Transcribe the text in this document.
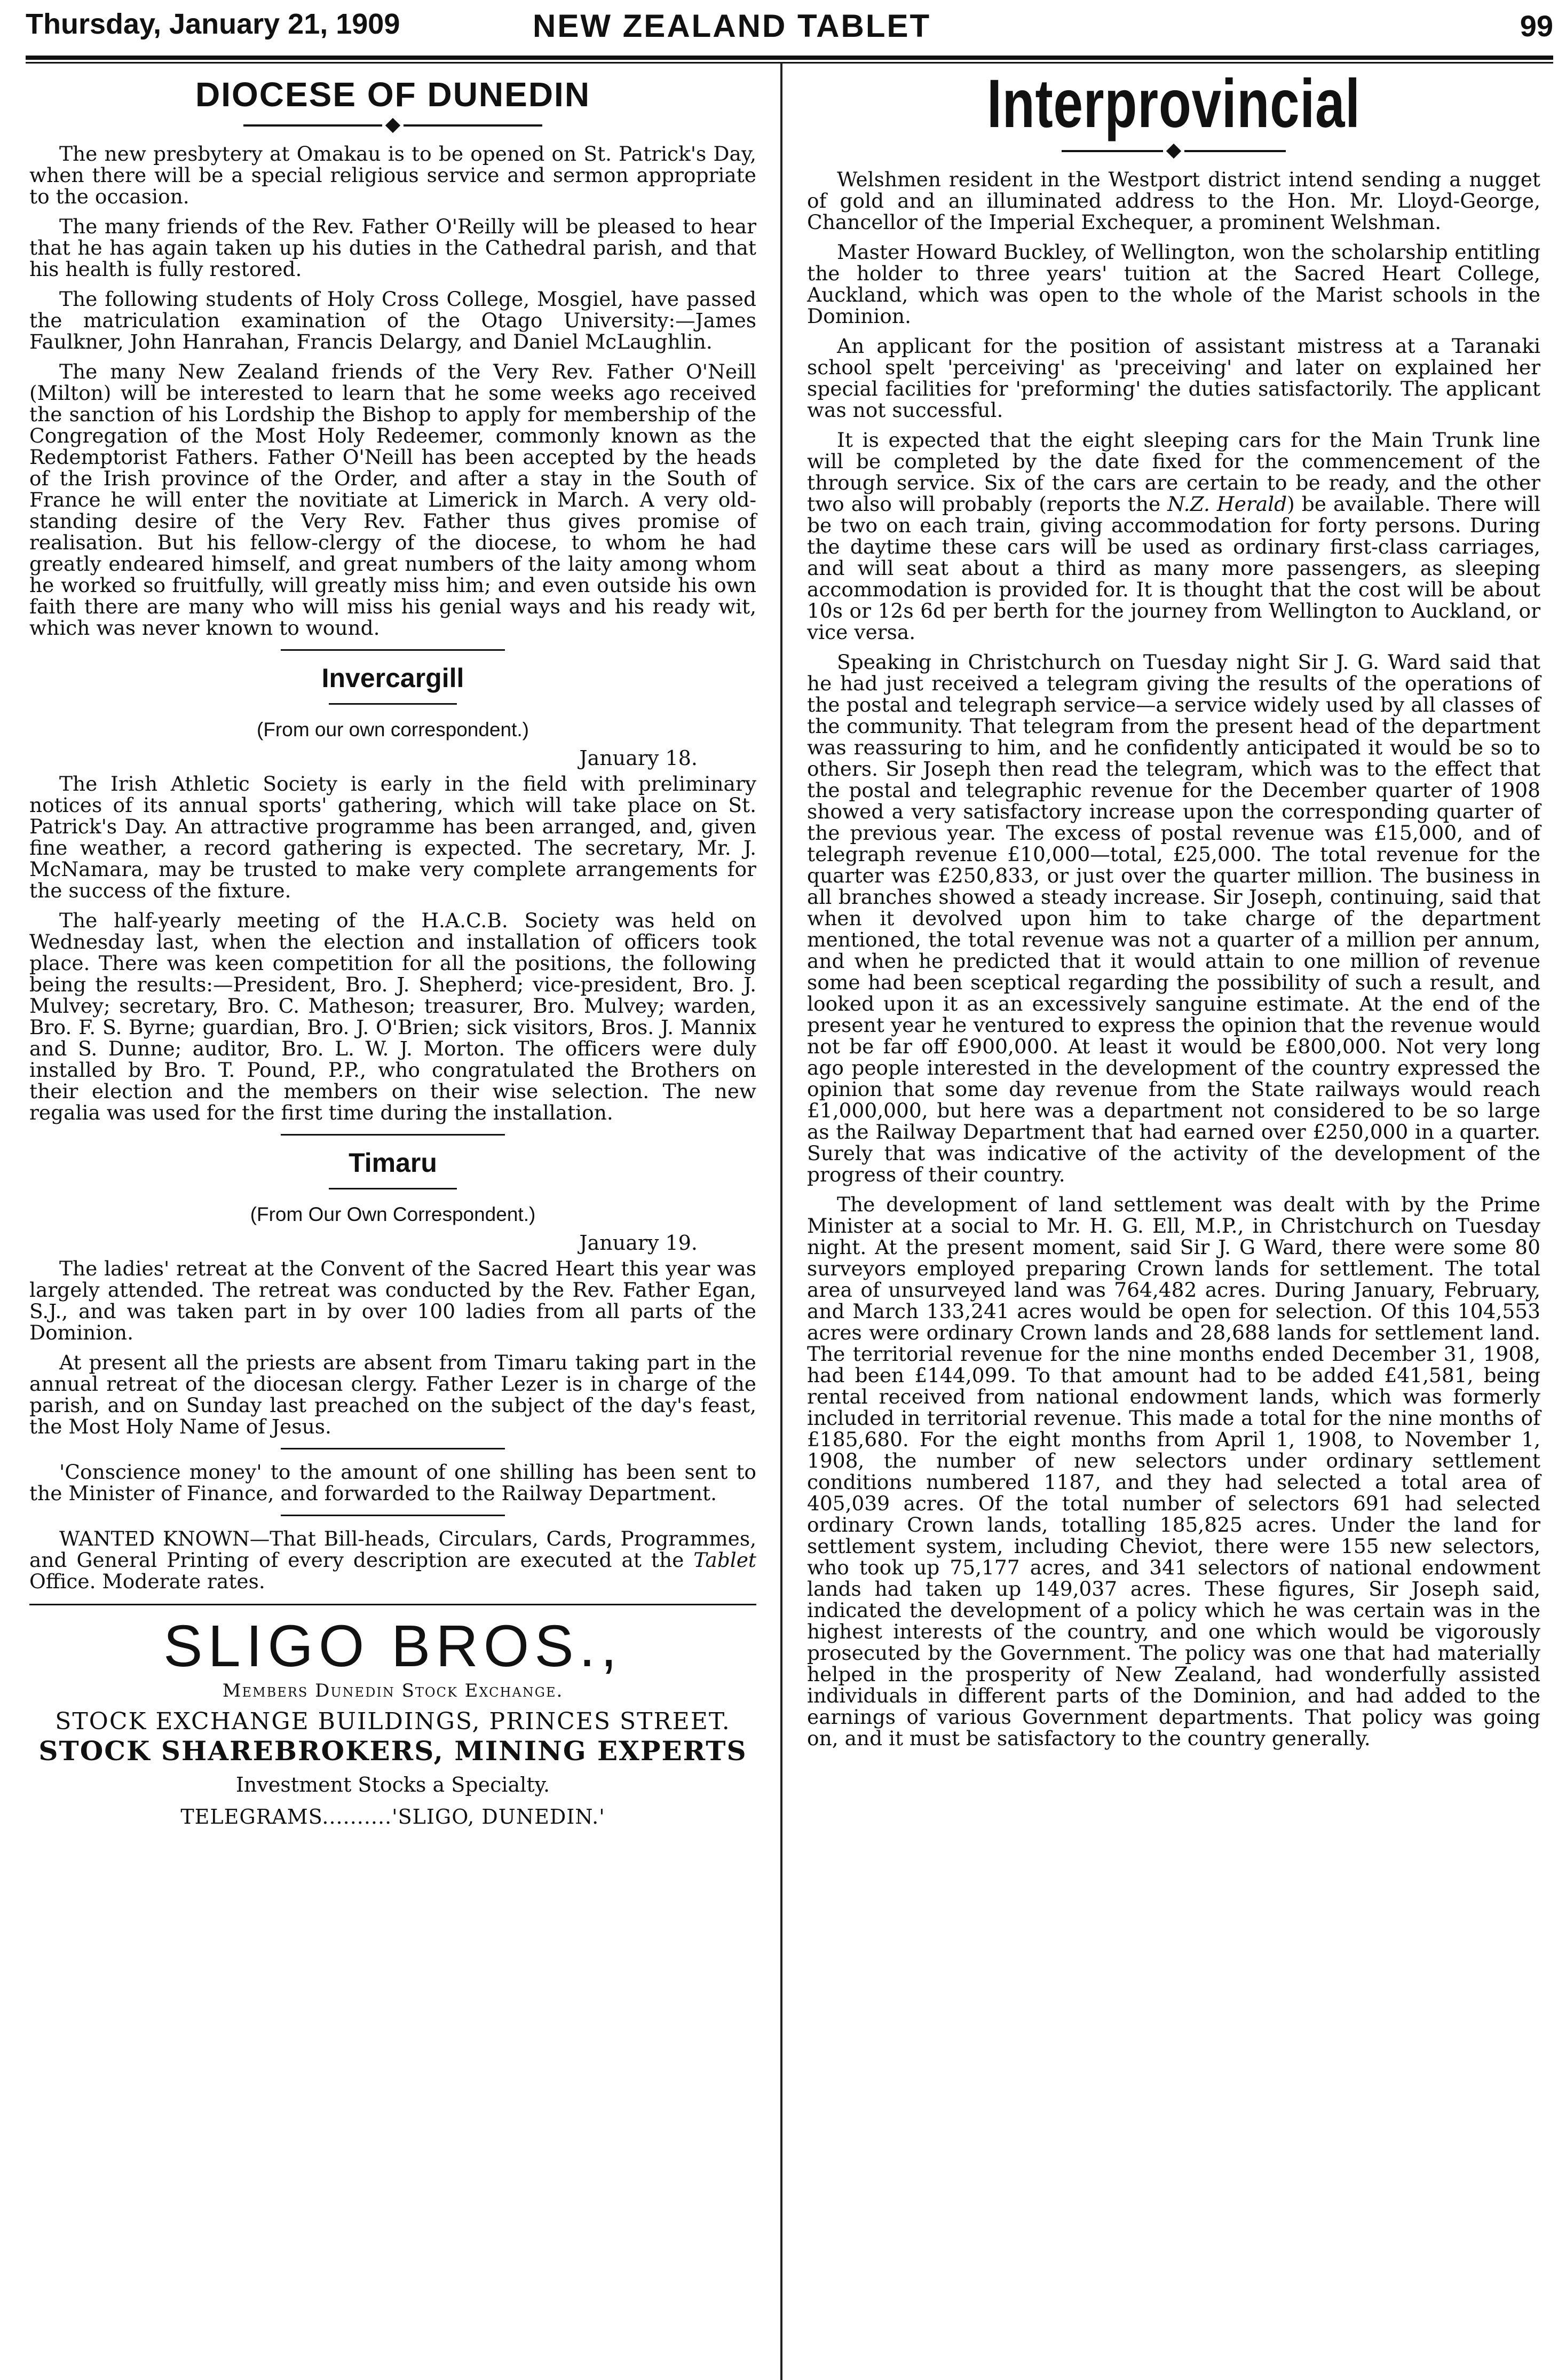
Thursday, January 21, 1909	NEW ZEALAND TABLET	99
DIOCESE OF DUNEDIN

The new presbytery at Omakau is to be opened on St. Patrick's Day, when there will be a special religious service and sermon appropriate to the occasion.

The many friends of the Rev. Father O'Reilly will be pleased to hear that he has again taken up his duties in the Cathedral parish, and that his health is fully restored.

The following students of Holy Cross College, Mosgiel, have passed the matriculation examination of the Otago University:—James Faulkner, John Hanrahan, Francis Delargy, and Daniel McLaughlin.

The many New Zealand friends of the Very Rev. Father O'Neill (Milton) will be interested to learn that he some weeks ago received the sanction of his Lordship the Bishop to apply for membership of the Congregation of the Most Holy Redeemer, commonly known as the Redemptorist Fathers. Father O'Neill has been accepted by the heads of the Irish province of the Order, and after a stay in the South of France he will enter the novitiate at Limerick in March. A very old-standing desire of the Very Rev. Father thus gives promise of realisation. But his fellow-clergy of the diocese, to whom he had greatly endeared himself, and great numbers of the laity among whom he worked so fruitfully, will greatly miss him; and even outside his own faith there are many who will miss his genial ways and his ready wit, which was never known to wound.

Invercargill

(From our own correspondent.)

January 18.

The Irish Athletic Society is early in the field with preliminary notices of its annual sports' gathering, which will take place on St. Patrick's Day. An attractive programme has been arranged, and, given fine weather, a record gathering is expected. The secretary, Mr. J. McNamara, may be trusted to make very complete arrangements for the success of the fixture.

The half-yearly meeting of the H.A.C.B. Society was held on Wednesday last, when the election and installation of officers took place. There was keen competition for all the positions, the following being the results:—President, Bro. J. Shepherd; vice-president, Bro. J. Mulvey; secretary, Bro. C. Matheson; treasurer, Bro. Mulvey; warden, Bro. F. S. Byrne; guardian, Bro. J. O'Brien; sick visitors, Bros. J. Mannix and S. Dunne; auditor, Bro. L. W. J. Morton. The officers were duly installed by Bro. T. Pound, P.P., who congratulated the Brothers on their election and the members on their wise selection. The new regalia was used for the first time during the installation.

Timaru

(From Our Own Correspondent.)

January 19.

The ladies' retreat at the Convent of the Sacred Heart this year was largely attended. The retreat was conducted by the Rev. Father Egan, S.J., and was taken part in by over 100 ladies from all parts of the Dominion.

At present all the priests are absent from Timaru taking part in the annual retreat of the diocesan clergy. Father Lezer is in charge of the parish, and on Sunday last preached on the subject of the day's feast, the Most Holy Name of Jesus.

'Conscience money' to the amount of one shilling has been sent to the Minister of Finance, and forwarded to the Railway Department.

WANTED KNOWN—That Bill-heads, Circulars, Cards, Programmes, and General Printing of every description are executed at the Tablet Office. Moderate rates.

SLIGO BROS.,
Members Dunedin Stock Exchange.
STOCK EXCHANGE BUILDINGS, PRINCES STREET.
STOCK SHAREBROKERS, MINING EXPERTS
Investment Stocks a Specialty.
TELEGRAMS..........'SLIGO, DUNEDIN.'
Interprovincial

Welshmen resident in the Westport district intend sending a nugget of gold and an illuminated address to the Hon. Mr. Lloyd-George, Chancellor of the Imperial Exchequer, a prominent Welshman.

Master Howard Buckley, of Wellington, won the scholarship entitling the holder to three years' tuition at the Sacred Heart College, Auckland, which was open to the whole of the Marist schools in the Dominion.

An applicant for the position of assistant mistress at a Taranaki school spelt 'perceiving' as 'preceiving' and later on explained her special facilities for 'preforming' the duties satisfactorily. The applicant was not successful.

It is expected that the eight sleeping cars for the Main Trunk line will be completed by the date fixed for the commencement of the through service. Six of the cars are certain to be ready, and the other two also will probably (reports the N.Z. Herald) be available. There will be two on each train, giving accommodation for forty persons. During the daytime these cars will be used as ordinary first-class carriages, and will seat about a third as many more passengers, as sleeping accommodation is provided for. It is thought that the cost will be about 10s or 12s 6d per berth for the journey from Wellington to Auckland, or vice versa.

Speaking in Christchurch on Tuesday night Sir J. G. Ward said that he had just received a telegram giving the results of the operations of the postal and telegraph service—a service widely used by all classes of the community. That telegram from the present head of the department was reassuring to him, and he confidently anticipated it would be so to others. Sir Joseph then read the telegram, which was to the effect that the postal and telegraphic revenue for the December quarter of 1908 showed a very satisfactory increase upon the corresponding quarter of the previous year. The excess of postal revenue was £15,000, and of telegraph revenue £10,000—total, £25,000. The total revenue for the quarter was £250,833, or just over the quarter million. The business in all branches showed a steady increase. Sir Joseph, continuing, said that when it devolved upon him to take charge of the department mentioned, the total revenue was not a quarter of a million per annum, and when he predicted that it would attain to one million of revenue some had been sceptical regarding the possibility of such a result, and looked upon it as an excessively sanguine estimate. At the end of the present year he ventured to express the opinion that the revenue would not be far off £900,000. At least it would be £800,000. Not very long ago people interested in the development of the country expressed the opinion that some day revenue from the State railways would reach £1,000,000, but here was a department not considered to be so large as the Railway Department that had earned over £250,000 in a quarter. Surely that was indicative of the activity of the development of the progress of their country.

The development of land settlement was dealt with by the Prime Minister at a social to Mr. H. G. Ell, M.P., in Christchurch on Tuesday night. At the present moment, said Sir J. G Ward, there were some 80 surveyors employed preparing Crown lands for settlement. The total area of unsurveyed land was 764,482 acres. During January, February, and March 133,241 acres would be open for selection. Of this 104,553 acres were ordinary Crown lands and 28,688 lands for settlement land. The territorial revenue for the nine months ended December 31, 1908, had been £144,099. To that amount had to be added £41,581, being rental received from national endowment lands, which was formerly included in territorial revenue. This made a total for the nine months of £185,680. For the eight months from April 1, 1908, to November 1, 1908, the number of new selectors under ordinary settlement conditions numbered 1187, and they had selected a total area of 405,039 acres. Of the total number of selectors 691 had selected ordinary Crown lands, totalling 185,825 acres. Under the land for settlement system, including Cheviot, there were 155 new selectors, who took up 75,177 acres, and 341 selectors of national endowment lands had taken up 149,037 acres. These figures, Sir Joseph said, indicated the development of a policy which he was certain was in the highest interests of the country, and one which would be vigorously prosecuted by the Government. The policy was one that had materially helped in the prosperity of New Zealand, had wonderfully assisted individuals in different parts of the Dominion, and had added to the earnings of various Government departments. That policy was going on, and it must be satisfactory to the country generally.
